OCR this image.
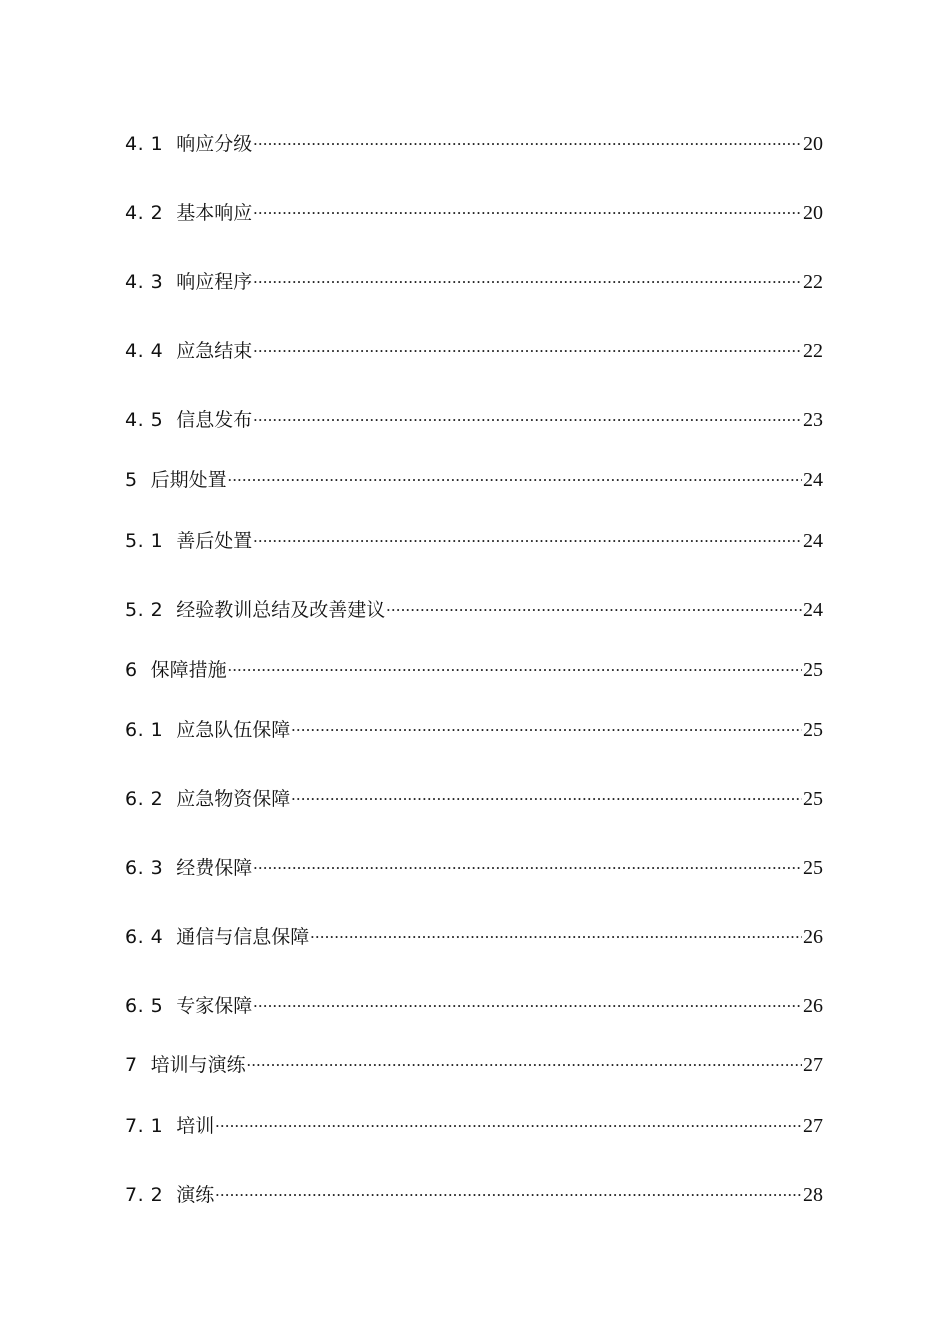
4. 1 响应分级 .....	20
4. 2 基本响应 .....	20
4. 3 响应程序 .....	22
4. 4 应急结束 .....	22
4. 5 信息发布 .....	23
5 后期处置 .....	24
5. 1 善后处置 .....	24
5. 2 经验教训总结及改善建议 .....	24
6 保障措施 .....	25
6. 1 应急队伍保障 .....	25
6. 2 应急物资保障 .....	25
6. 3 经费保障 .....	25
6. 4 通信与信息保障 .....	26
6. 5 专家保障 .....	26
7 培训与演练 .....	27
7. 1 培训 .....	27
7. 2 演练 .....	28
